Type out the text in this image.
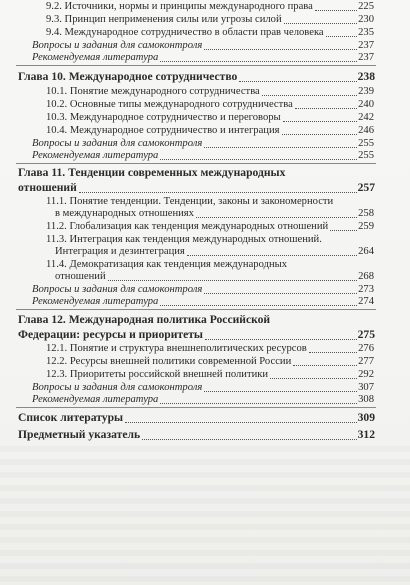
9.2. Источники, нормы и принципы международного права	225
9.3. Принцип неприменения силы или угрозы силой	230
9.4. Международное сотрудничество в области прав человека	235
Вопросы и задания для самоконтроля	237
Рекомендуемая литература	237
Глава 10. Международное сотрудничество	238
10.1. Понятие международного сотрудничества	239
10.2. Основные типы международного сотрудничества	240
10.3. Международное сотрудничество и переговоры	242
10.4. Международное сотрудничество и интеграция	246
Вопросы и задания для самоконтроля	255
Рекомендуемая литература	255
Глава 11. Тенденции современных международных
отношений	257
11.1. Понятие тенденции. Тенденции, законы и закономерности
в международных отношениях	258
11.2. Глобализация как тенденция международных отношений	259
11.3. Интеграция как тенденция международных отношений.
Интеграция и дезинтеграция	264
11.4. Демократизация как тенденция международных
отношений	268
Вопросы и задания для самоконтроля	273
Рекомендуемая литература	274
Глава 12. Международная политика Российской
Федерации: ресурсы и приоритеты	275
12.1. Понятие и структура внешнеполитических ресурсов	276
12.2. Ресурсы внешней политики современной России	277
12.3. Приоритеты российской внешней политики	292
Вопросы и задания для самоконтроля	307
Рекомендуемая литература	308
Список литературы	309
Предметный указатель	312
